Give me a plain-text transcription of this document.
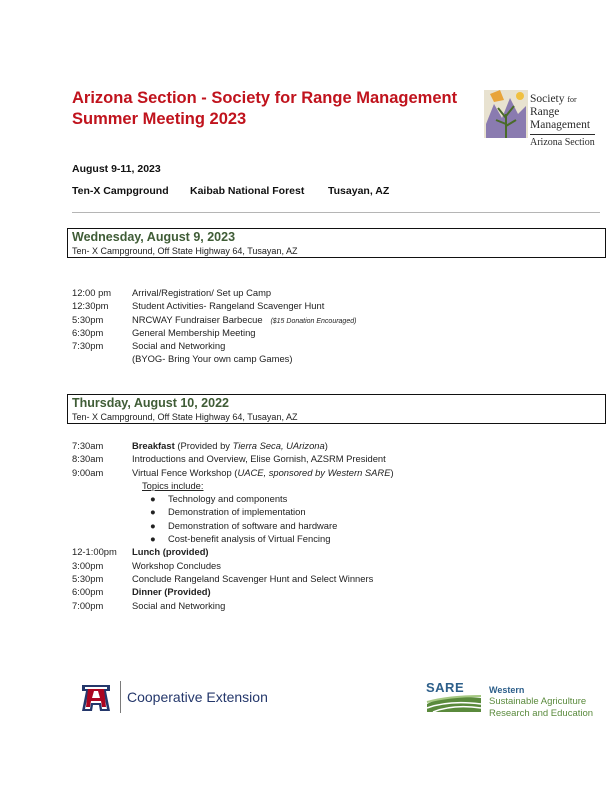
Arizona Section - Society for Range Management
Summer Meeting 2023
Society for
Range
Management
Arizona Section
August 9-11, 2023
Ten-X Campground Kaibab National Forest Tusayan, AZ
Wednesday, August 9, 2023
Ten- X Campground, Off State Highway 64, Tusayan, AZ
12:00 pm Arrival/Registration/ Set up Camp
12:30pm	Student Activities- Rangeland Scavenger Hunt
5:30pm	NRCWAY Fundraiser Barbecue ($15 Donation Encouraged)
6:30pm	General Membership Meeting
7:30pm	Social and Networking
(BYOG- Bring Your own camp Games)
Thursday, August 10, 2022
Ten- X Campground, Off State Highway 64, Tusayan, AZ
7:30am	Breakfast (Provided by Tierra Seca, UArizona)
8:30am	Introductions and Overview, Elise Gornish, AZSRM President
9:00am	Virtual Fence Workshop (UACE, sponsored by Western SARE)
Topics include:
● Technology and components
● Demonstration of implementation
● Demonstration of software and hardware
● Cost-benefit analysis of Virtual Fencing
12-1:00pm Lunch (provided)
3:00pm	Workshop Concludes
5:30pm	Conclude Rangeland Scavenger Hunt and Select Winners
6:00pm	Dinner (Provided)
7:00pm	Social and Networking
Cooperative Extension
SARE	Western
Sustainable Agriculture
Research and Education
